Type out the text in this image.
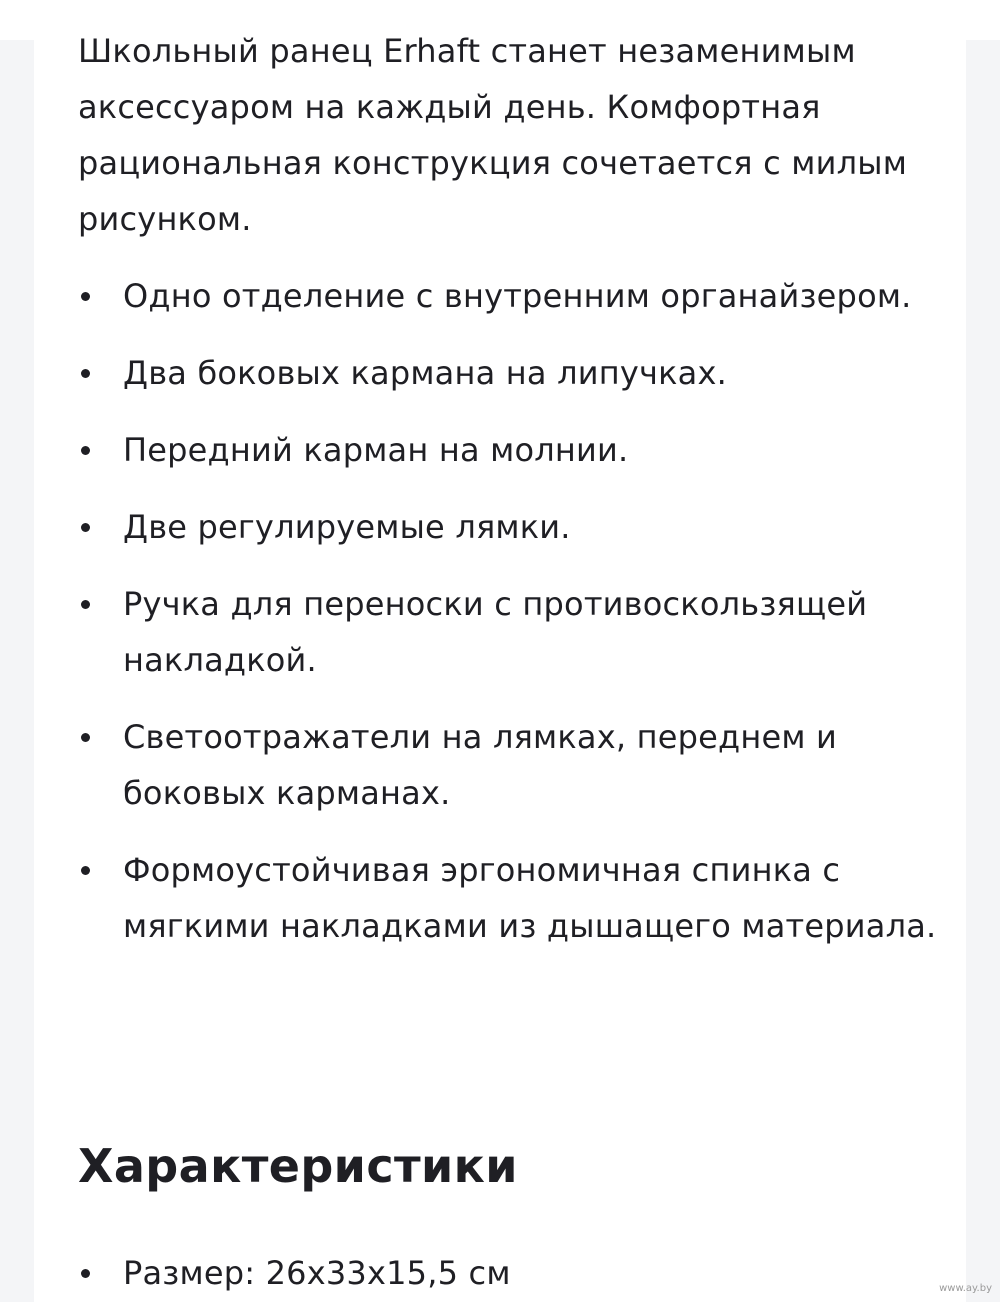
Школьный ранец Erhaft станет незаменимым аксессуаром на каждый день. Комфортная рациональная конструкция сочетается с милым рисунком.

Одно отделение с внутренним органайзером.
Два боковых кармана на липучках.
Передний карман на молнии.
Две регулируемые лямки.
Ручка для переноски с противоскользящей накладкой.
Светоотражатели на лямках, переднем и боковых карманах.
Формоустойчивая эргономичная спинка с мягкими накладками из дышащего материала.
Характеристики
Размер: 26x33x15,5 см	www.ay.by
